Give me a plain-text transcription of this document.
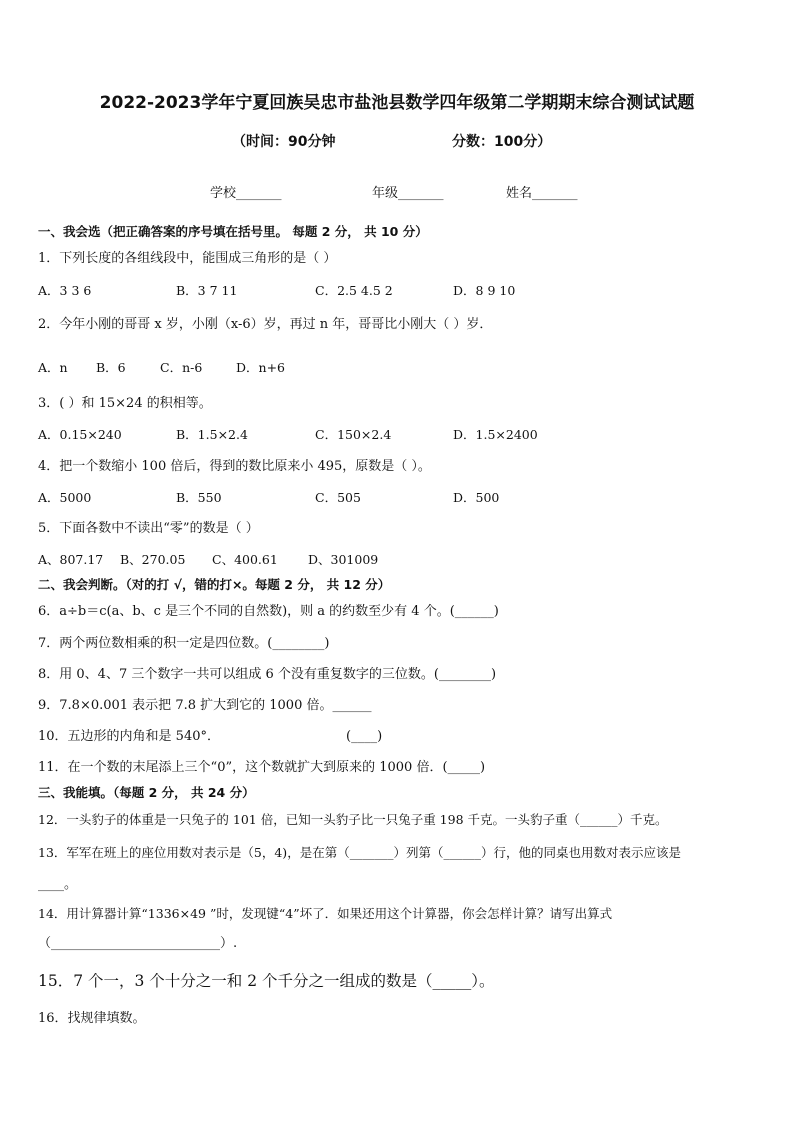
2022-2023学年宁夏回族吴忠市盐池县数学四年级第二学期期末综合测试试题
（时间：90分钟	分数：100分）
学校_______	年级_______	姓名_______
一、我会选（把正确答案的序号填在括号里。 每题 2 分， 共 10 分）
1．下列长度的各组线段中，能围成三角形的是（ ）
A．3 3 6	B．3 7 11	C．2.5 4.5 2	D．8 9 10
2．今年小刚的哥哥 x 岁，小刚（x-6）岁，再过 n 年，哥哥比小刚大（ ）岁．
A．n B．6	C．n-6	D．n+6
3．( ）和 15×24 的积相等。
A．0.15×240	B．1.5×2.4	C．150×2.4	D．1.5×2400
4．把一个数缩小 100 倍后，得到的数比原来小 495，原数是（ ）。
A．5000	B．550	C．505	D．500
5．下面各数中不读出“零”的数是（ ）
A、807.17 B、270.05 C、400.61 D、301009
二、我会判断。（对的打 √，错的打×。每题 2 分， 共 12 分）
6．a÷b＝c(a、b、c 是三个不同的自然数)，则 a 的约数至少有 4 个。(______)
7．两个两位数相乘的积一定是四位数。(________)
8．用 0、4、7 三个数字一共可以组成 6 个没有重复数字的三位数。(________)
9．7.8×0.001 表示把 7.8 扩大到它的 1000 倍。______
10．五边形的内角和是 540°．	(____)
11．在一个数的末尾添上三个“0”，这个数就扩大到原来的 1000 倍．(_____)
三、我能填。（每题 2 分， 共 24 分）
12．一头豹子的体重是一只兔子的 101 倍，已知一头豹子比一只兔子重 198 千克。一头豹子重（______）千克。
13．军军在班上的座位用数对表示是（5，4)，是在第（_______）列第（______）行，他的同桌也用数对表示应该是
____。
14．用计算器计算“1336×49 ”时，发现键“4”坏了．如果还用这个计算器，你会怎样计算？请写出算式
（__________________________）.
15．7 个一，3 个十分之一和 2 个千分之一组成的数是（_____）。
16．找规律填数。
